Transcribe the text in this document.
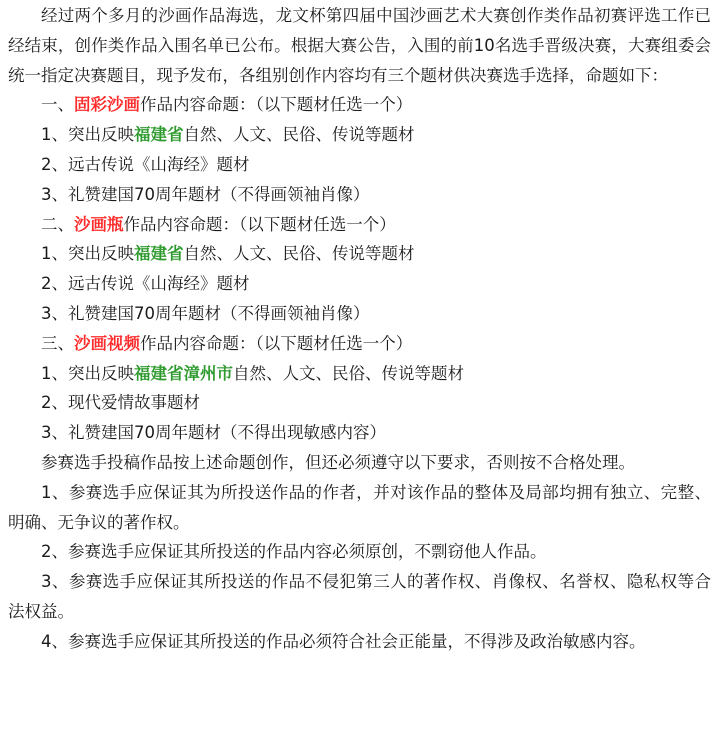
经过两个多月的沙画作品海选，龙文杯第四届中国沙画艺术大赛创作类作品初赛评选工作已经结束，创作类作品入围名单已公布。根据大赛公告，入围的前10名选手晋级决赛，大赛组委会统一指定决赛题目，现予发布，各组别创作内容均有三个题材供决赛选手选择，命题如下：

一、固彩沙画作品内容命题：（以下题材任选一个）

1、突出反映福建省自然、人文、民俗、传说等题材

2、远古传说《山海经》题材

3、礼赞建国70周年题材（不得画领袖肖像）

二、沙画瓶作品内容命题：（以下题材任选一个）

1、突出反映福建省自然、人文、民俗、传说等题材

2、远古传说《山海经》题材

3、礼赞建国70周年题材（不得画领袖肖像）

三、沙画视频作品内容命题：（以下题材任选一个）

1、突出反映福建省漳州市自然、人文、民俗、传说等题材

2、现代爱情故事题材

3、礼赞建国70周年题材（不得出现敏感内容）

参赛选手投稿作品按上述命题创作，但还必须遵守以下要求，否则按不合格处理。

1、参赛选手应保证其为所投送作品的作者，并对该作品的整体及局部均拥有独立、完整、明确、无争议的著作权。

2、参赛选手应保证其所投送的作品内容必须原创，不剽窃他人作品。

3、参赛选手应保证其所投送的作品不侵犯第三人的著作权、肖像权、名誉权、隐私权等合法权益。

4、参赛选手应保证其所投送的作品必须符合社会正能量，不得涉及政治敏感内容。
